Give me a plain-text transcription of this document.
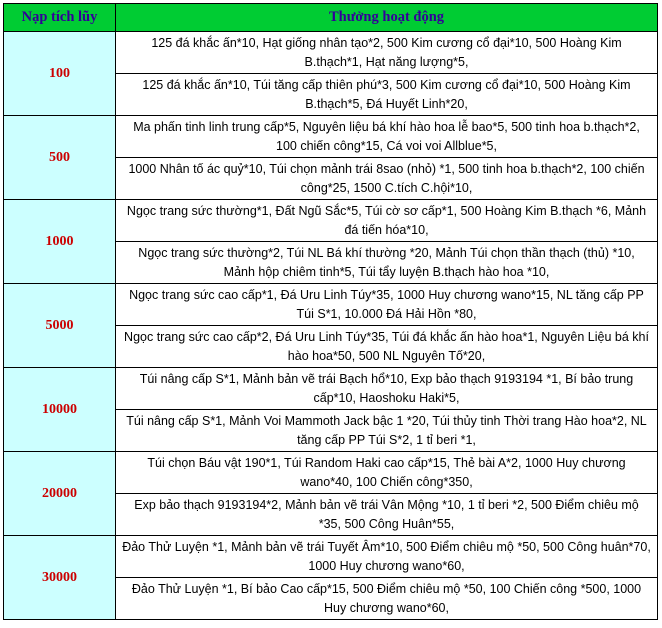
Nạp tích lũy	Thưởng hoạt động
100	125 đá khắc ấn*10, Hạt giống nhân tạo*2, 500 Kim cương cổ đại*10, 500 Hoàng Kim B.thạch*1, Hạt năng lượng*5,
	125 đá khắc ấn*10, Túi tăng cấp thiên phú*3, 500 Kim cương cổ đại*10, 500 Hoàng Kim B.thạch*5, Đá Huyết Linh*20,
500	Ma phấn tinh linh trung cấp*5, Nguyên liệu bá khí hào hoa lễ bao*5, 500 tinh hoa b.thạch*2, 100 chiến công*15, Cá voi voi Allblue*5,
	1000 Nhân tố ác quỷ*10, Túi chọn mảnh trái 8sao (nhỏ) *1, 500 tinh hoa b.thạch*2, 100 chiến công*25, 1500 C.tích C.hội*10,
1000	Ngọc trang sức thường*1, Đất Ngũ Sắc*5, Túi cờ sơ cấp*1, 500 Hoàng Kim B.thạch *6, Mảnh đá tiến hóa*10,
	Ngọc trang sức thường*2, Túi NL Bá khí thường *20, Mảnh Túi chọn thần thạch (thủ) *10, Mảnh hộp chiêm tinh*5, Túi tẩy luyện B.thạch hào hoa *10,
5000	Ngọc trang sức cao cấp*1, Đá Uru Linh Túy*35, 1000 Huy chương wano*15, NL tăng cấp PP Túi S*1, 10.000 Đá Hải Hồn *80,
	Ngọc trang sức cao cấp*2, Đá Uru Linh Túy*35, Túi đá khắc ấn hào hoa*1, Nguyên Liệu bá khí hào hoa*50, 500 NL Nguyên Tố*20,
10000	Túi nâng cấp S*1, Mảnh bản vẽ trái Bạch hổ*10, Exp bảo thạch 9193194 *1, Bí bảo trung cấp*10, Haoshoku Haki*5,
	Túi nâng cấp S*1, Mảnh Voi Mammoth Jack bậc 1 *20, Túi thủy tinh Thời trang Hào hoa*2, NL tăng cấp PP Túi S*2, 1 tỉ beri *1,
20000	Túi chọn Báu vật 190*1, Túi Random Haki cao cấp*15, Thẻ bài A*2, 1000 Huy chương wano*40, 100 Chiến công*350,
	Exp bảo thạch 9193194*2, Mảnh bản vẽ trái Vân Mộng *10, 1 tỉ beri *2, 500 Điểm chiêu mộ *35, 500 Công Huân*55,
30000	Đảo Thử Luyện *1, Mảnh bản vẽ trái Tuyết Âm*10, 500 Điểm chiêu mộ *50, 500 Công huân*70, 1000 Huy chương wano*60,
	Đảo Thử Luyện *1, Bí bảo Cao cấp*15, 500 Điểm chiêu mộ *50, 100 Chiến công *500, 1000 Huy chương wano*60,
